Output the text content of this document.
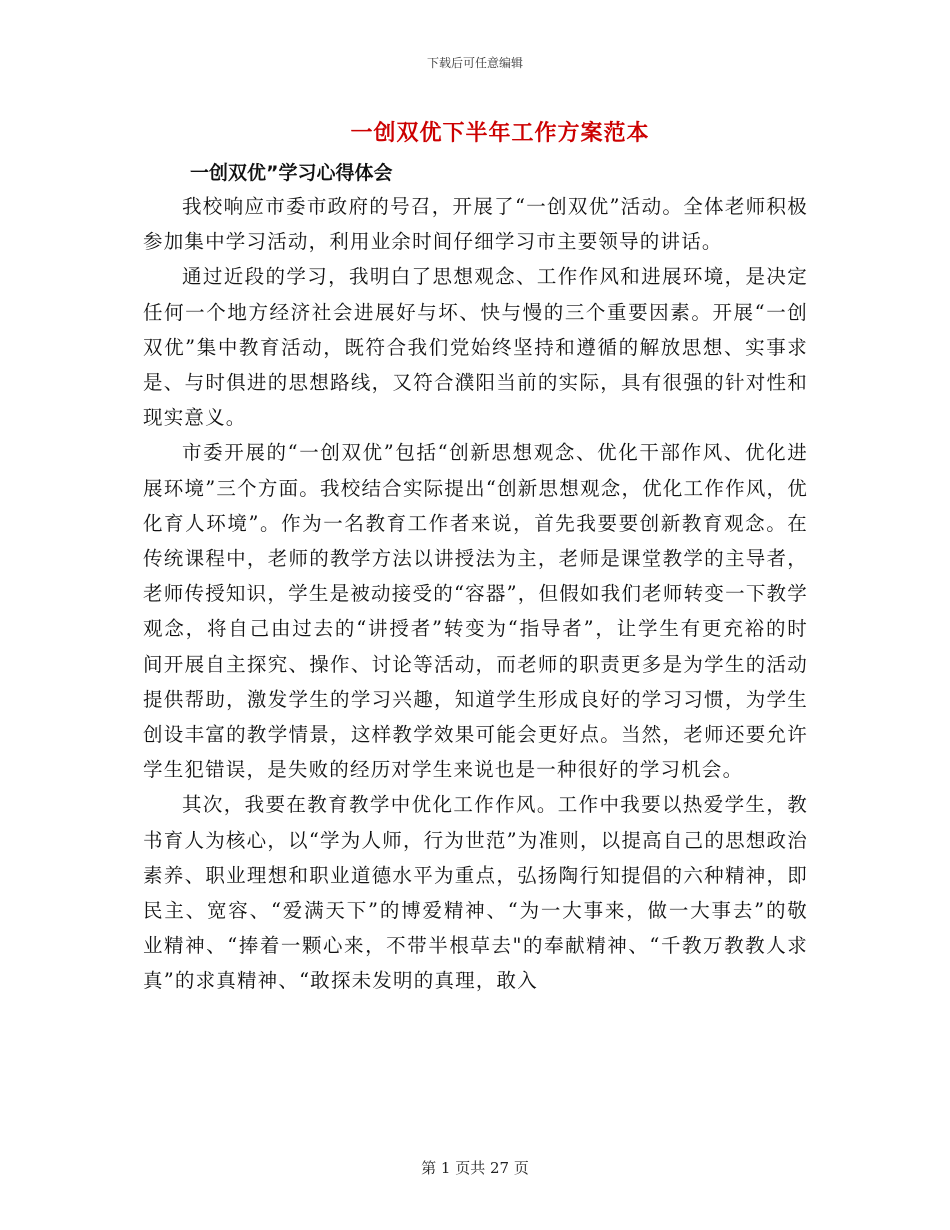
下载后可任意编辑
一创双优下半年工作方案范本
一创双优”学习心得体会

我校响应市委市政府的号召，开展了“一创双优”活动。全体老师积极参加集中学习活动，利用业余时间仔细学习市主要领导的讲话。

通过近段的学习，我明白了思想观念、工作作风和进展环境，是决定任何一个地方经济社会进展好与坏、快与慢的三个重要因素。开展“一创双优”集中教育活动，既符合我们党始终坚持和遵循的解放思想、实事求是、与时俱进的思想路线，又符合濮阳当前的实际，具有很强的针对性和现实意义。

市委开展的“一创双优”包括“创新思想观念、优化干部作风、优化进展环境”三个方面。我校结合实际提出“创新思想观念，优化工作作风，优化育人环境”。作为一名教育工作者来说，首先我要要创新教育观念。在传统课程中，老师的教学方法以讲授法为主，老师是课堂教学的主导者，老师传授知识，学生是被动接受的“容器”，但假如我们老师转变一下教学观念，将自己由过去的“讲授者”转变为“指导者”，让学生有更充裕的时间开展自主探究、操作、讨论等活动，而老师的职责更多是为学生的活动提供帮助，激发学生的学习兴趣，知道学生形成良好的学习习惯，为学生创设丰富的教学情景，这样教学效果可能会更好点。当然，老师还要允许学生犯错误，是失败的经历对学生来说也是一种很好的学习机会。

其次，我要在教育教学中优化工作作风。工作中我要以热爱学生，教书育人为核心，以“学为人师，行为世范”为准则，以提高自己的思想政治素养、职业理想和职业道德水平为重点，弘扬陶行知提倡的六种精神，即民主、宽容、“爱满天下”的博爱精神、“为一大事来，做一大事去”的敬业精神、“捧着一颗心来，不带半根草去"的奉献精神、“千教万教教人求真”的求真精神、“敢探未发明的真理，敢入

第 1 页共 27 页
